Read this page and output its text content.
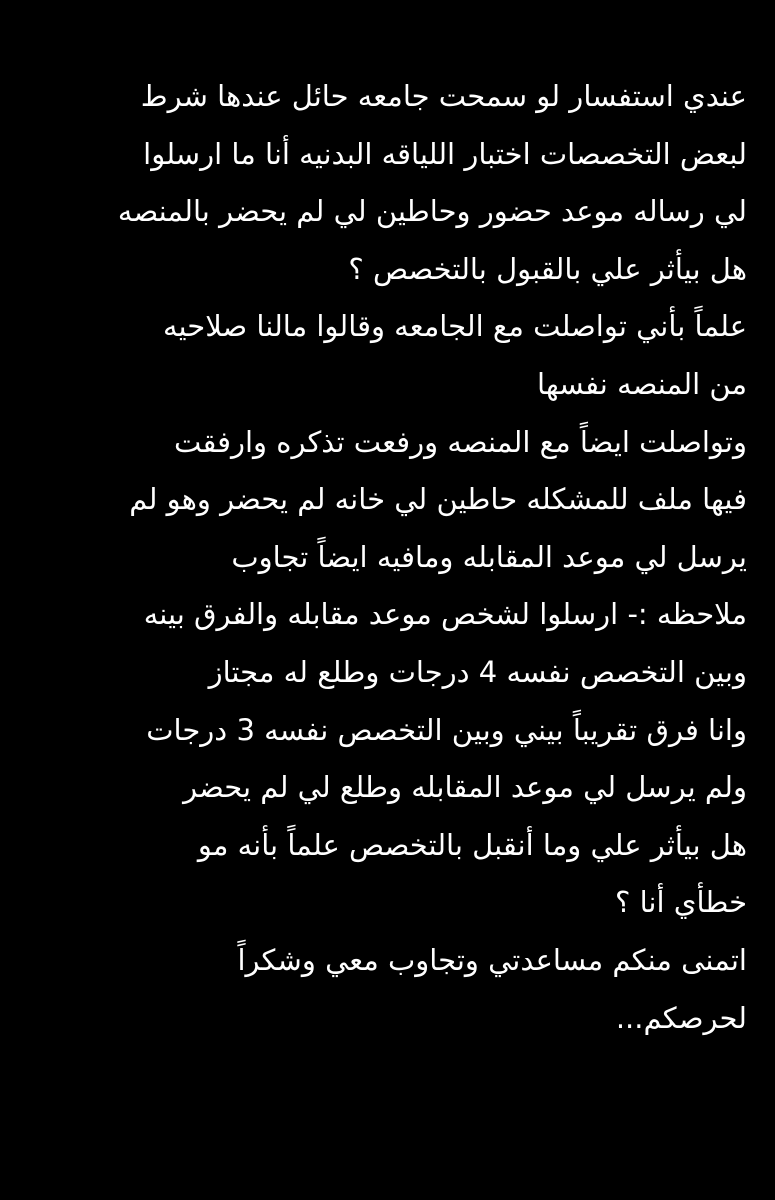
عندي استفسار لو سمحت جامعه حائل عندها شرط
لبعض التخصصات اختبار اللياقه البدنيه أنا ما ارسلوا
لي رساله موعد حضور وحاطين لي لم يحضر بالمنصه
هل بيأثر علي بالقبول بالتخصص ؟
علماً بأني تواصلت مع الجامعه وقالوا مالنا صلاحيه
من المنصه نفسها
وتواصلت ايضاً مع المنصه ورفعت تذكره وارفقت
فيها ملف للمشكله حاطين لي خانه لم يحضر وهو لم
يرسل لي موعد المقابله ومافيه ايضاً تجاوب
ملاحظه :- ارسلوا لشخص موعد مقابله والفرق بينه
وبين التخصص نفسه 4 درجات وطلع له مجتاز
وانا فرق تقريباً بيني وبين التخصص نفسه 3 درجات
ولم يرسل لي موعد المقابله وطلع لي لم يحضر
هل بيأثر علي وما أنقبل بالتخصص علماً بأنه مو
خطأي أنا ؟
اتمنى منكم مساعدتي وتجاوب معي وشكراً
لحرصكم...
